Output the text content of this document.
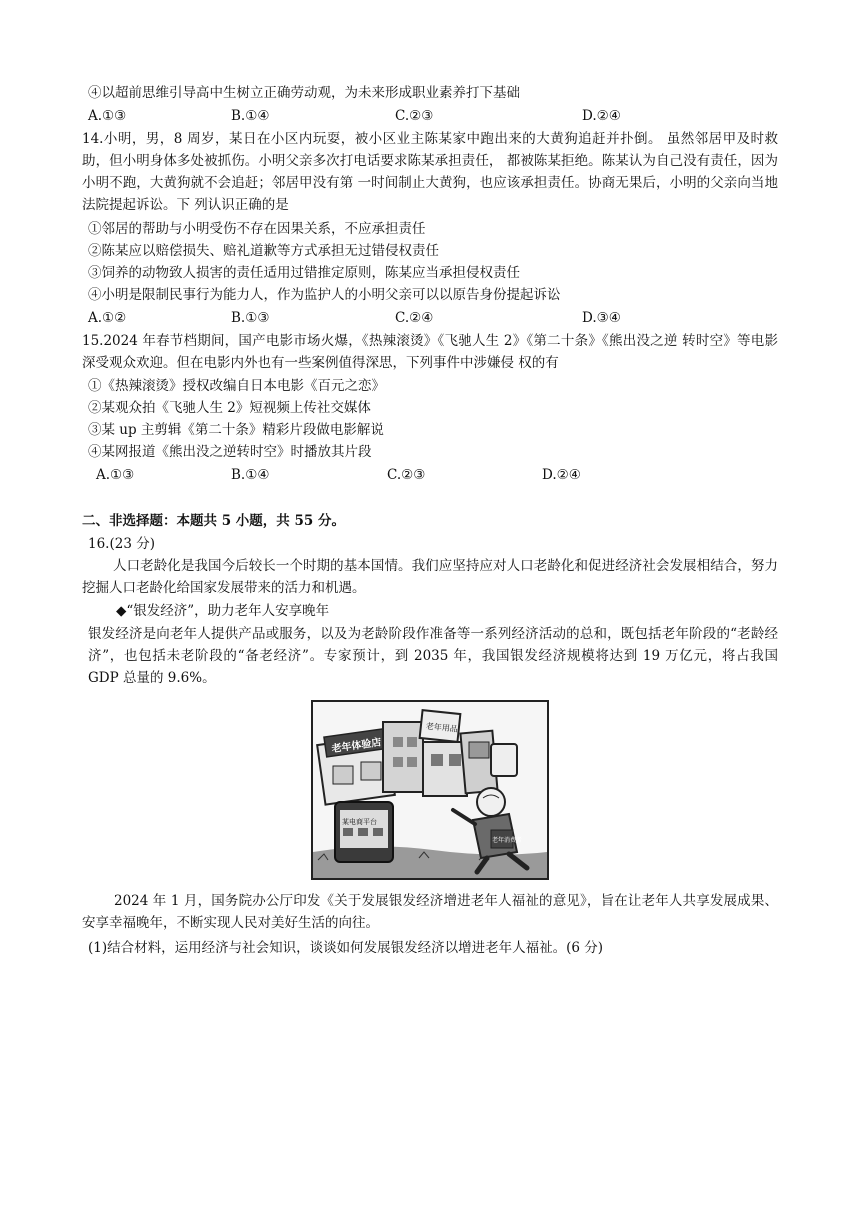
④以超前思维引导高中生树立正确劳动观，为未来形成职业素养打下基础
A.①③	B.①④	C.②③	D.②④
14.小明，男，8 周岁，某日在小区内玩耍，被小区业主陈某家中跑出来的大黄狗追赶并扑倒。 虽然邻居甲及时救助，但小明身体多处被抓伤。小明父亲多次打电话要求陈某承担责任， 都被陈某拒绝。陈某认为自己没有责任，因为小明不跑，大黄狗就不会追赶；邻居甲没有第 一时间制止大黄狗，也应该承担责任。协商无果后，小明的父亲向当地法院提起诉讼。下 列认识正确的是
①邻居的帮助与小明受伤不存在因果关系，不应承担责任
②陈某应以赔偿损失、赔礼道歉等方式承担无过错侵权责任
③饲养的动物致人损害的责任适用过错推定原则，陈某应当承担侵权责任
④小明是限制民事行为能力人，作为监护人的小明父亲可以以原告身份提起诉讼
A.①②	B.①③	C.②④	D.③④
15.2024 年春节档期间，国产电影市场火爆，《热辣滚烫》《飞驰人生 2》《第二十条》《熊出没之逆 转时空》等电影深受观众欢迎。但在电影内外也有一些案例值得深思，下列事件中涉嫌侵 权的有
①《热辣滚烫》授权改编自日本电影《百元之恋》
②某观众拍《飞驰人生 2》短视频上传社交媒体
③某 up 主剪辑《第二十条》精彩片段做电影解说
④某网报道《熊出没之逆转时空》时播放其片段
A.①③	B.①④	C.②③	D.②④
二、非选择题：本题共 5 小题，共 55 分。
16.(23 分)
人口老龄化是我国今后较长一个时期的基本国情。我们应坚持应对人口老龄化和促进经济社会发展相结合，努力挖掘人口老龄化给国家发展带来的活力和机遇。
◆“银发经济”，助力老年人安享晚年
银发经济是向老年人提供产品或服务，以及为老龄阶段作准备等一系列经济活动的总和，既包括老年阶段的“老龄经济”，也包括未老阶段的“备老经济”。专家预计，到 2035 年，我国银发经济规模将达到 19 万亿元，将占我国 GDP 总量的 9.6%。
老年体验店
老年用品
某电商平台
老年消费者
2024 年 1 月，国务院办公厅印发《关于发展银发经济增进老年人福祉的意见》，旨在让老年人共享发展成果、安享幸福晚年，不断实现人民对美好生活的向往。
(1)结合材料，运用经济与社会知识，谈谈如何发展银发经济以增进老年人福祉。(6 分)
